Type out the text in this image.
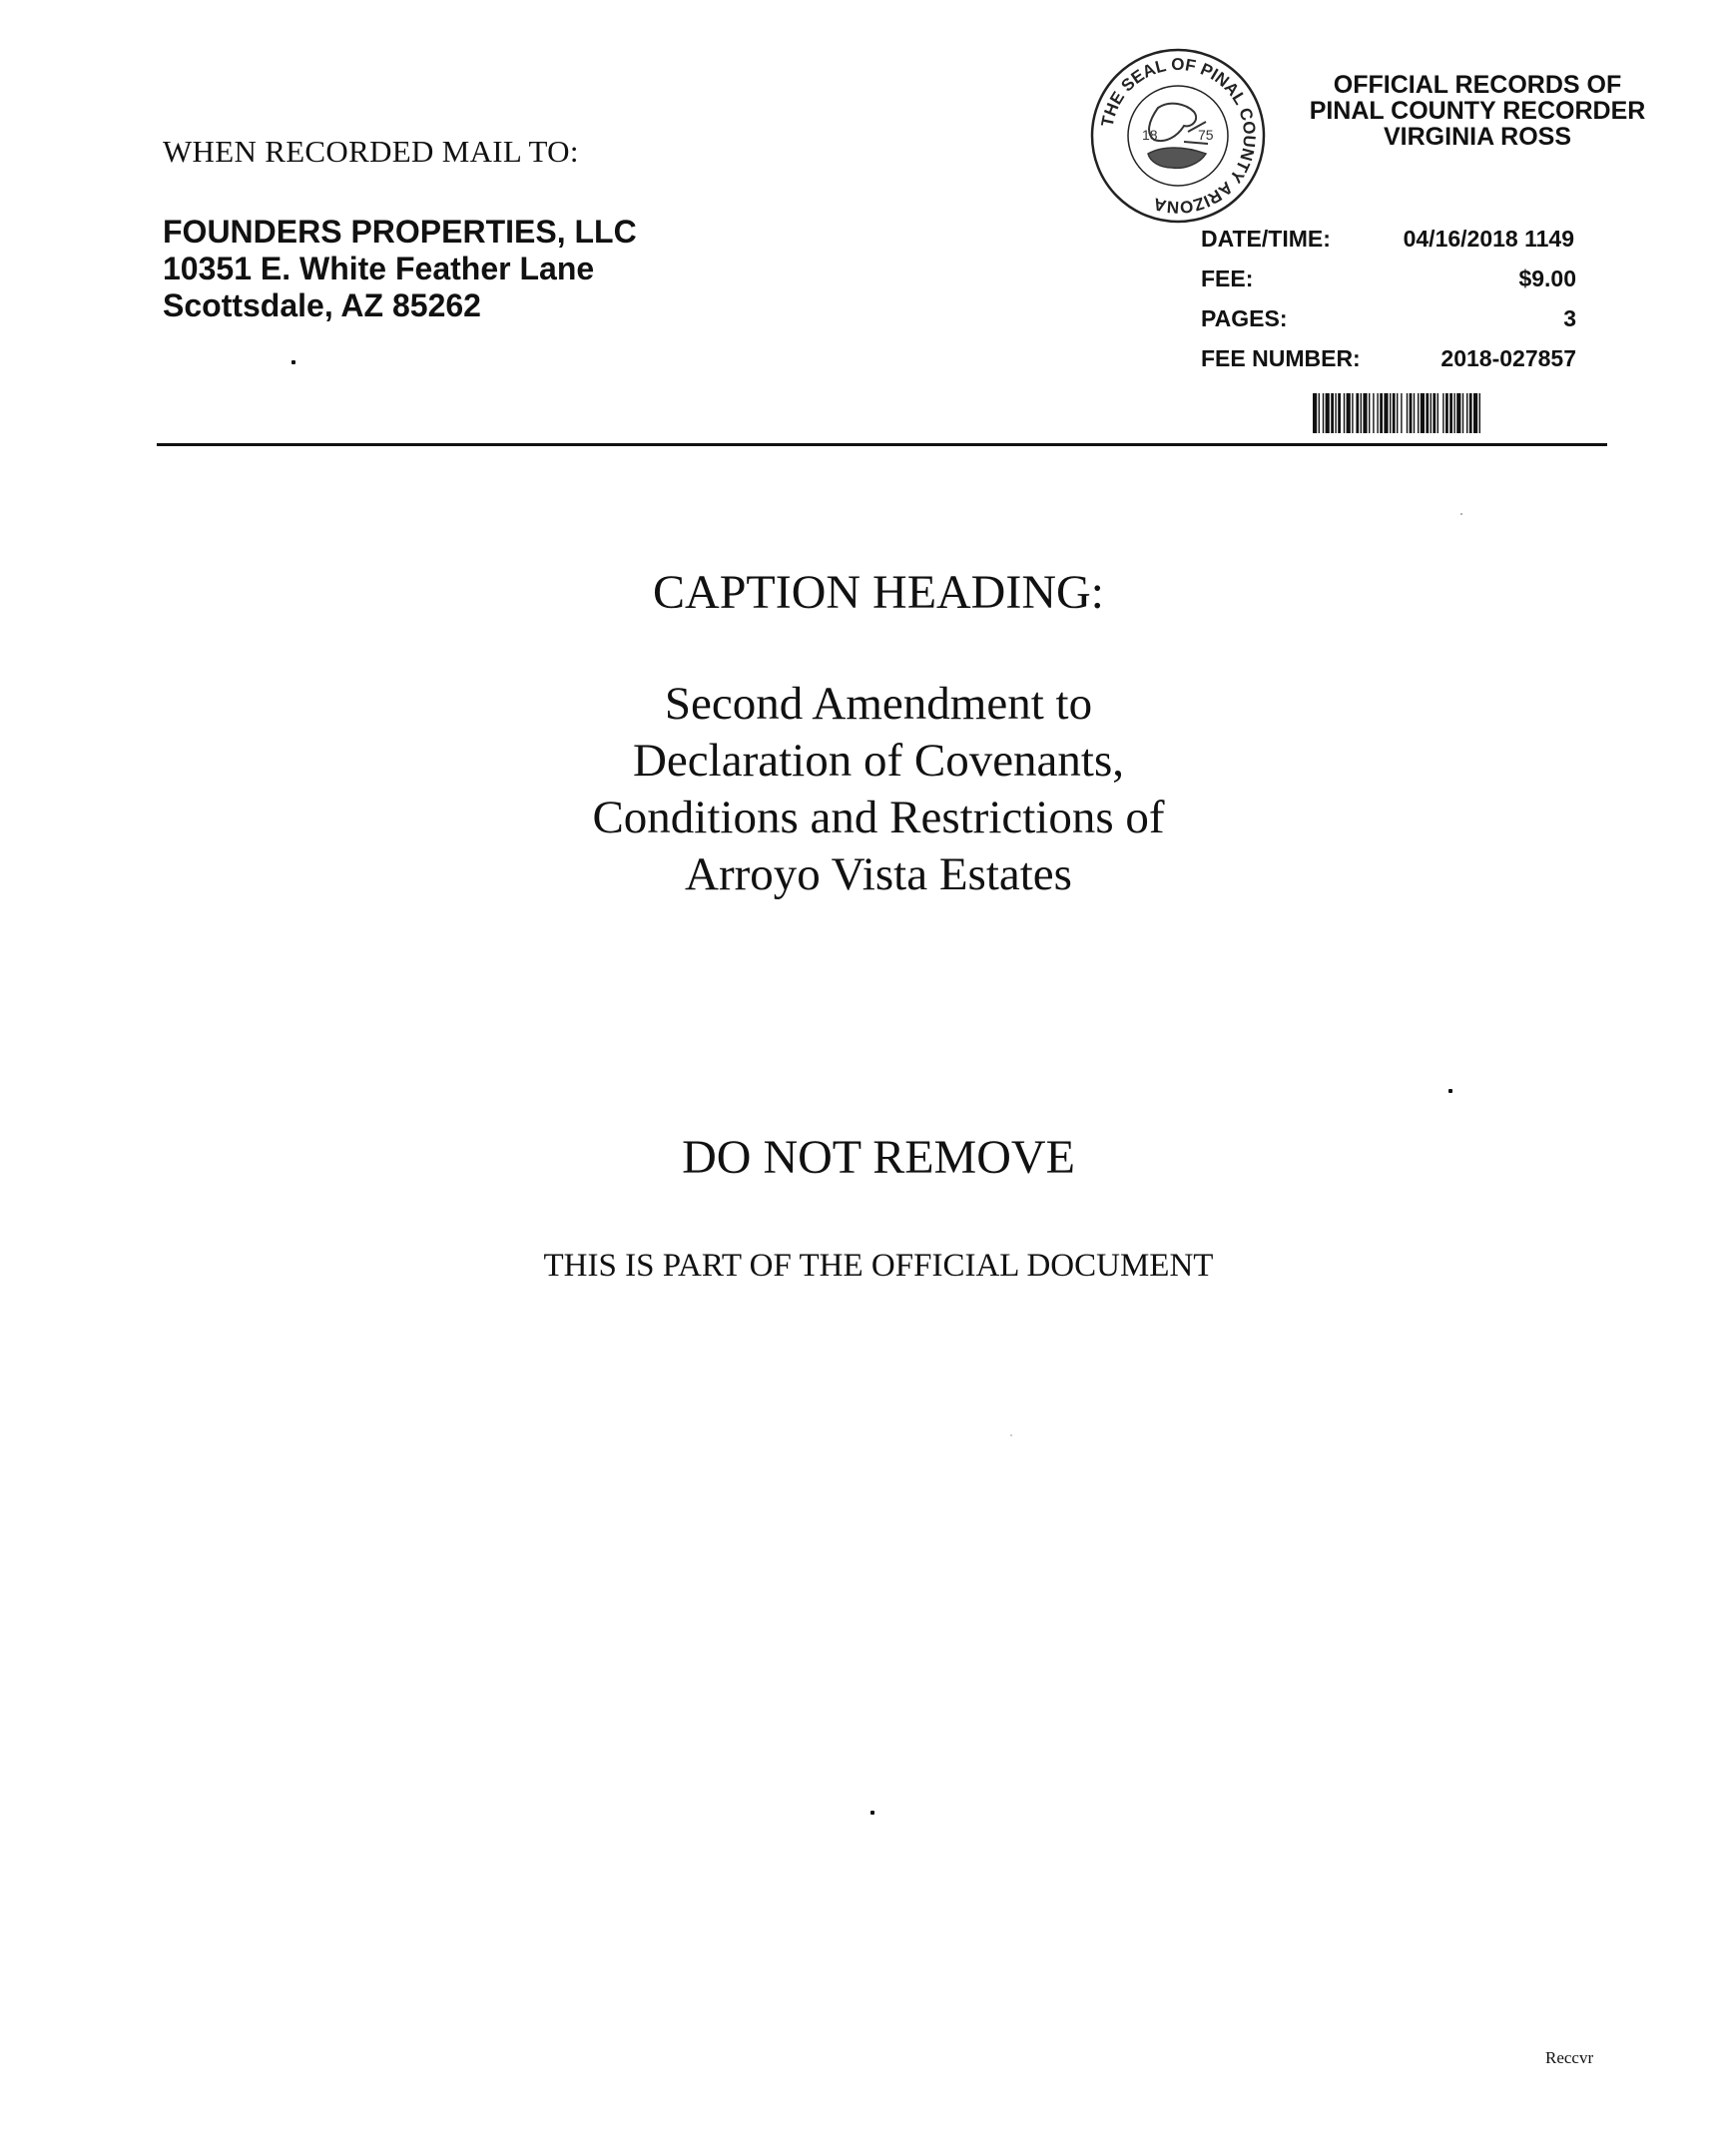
WHEN RECORDED MAIL TO:
FOUNDERS PROPERTIES, LLC
10351 E. White Feather Lane
Scottsdale, AZ 85262
THE SEAL OF PINAL COUNTY ARIZONA
18	75
OFFICIAL RECORDS OF
PINAL COUNTY RECORDER
VIRGINIA ROSS
DATE/TIME:	04/16/2018 1149
FEE:	$9.00
PAGES:	3
FEE NUMBER:	2018-027857
CAPTION HEADING:
Second Amendment to
Declaration of Covenants,
Conditions and Restrictions of
Arroyo Vista Estates
DO NOT REMOVE
THIS IS PART OF THE OFFICIAL DOCUMENT
Reccvr
